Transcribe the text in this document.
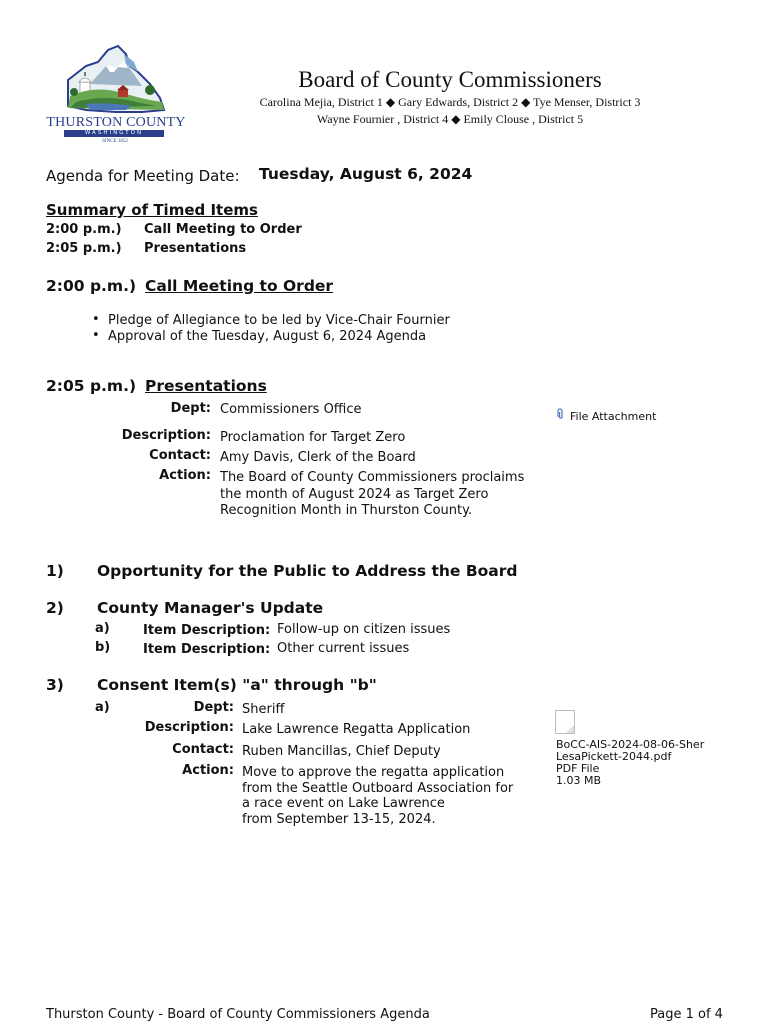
THURSTON COUNTY
WASHINGTON
SINCE 1852
Board of County Commissioners
Carolina Mejia, District 1 ◆ Gary Edwards, District 2 ◆ Tye Menser, District 3
Wayne Fournier , District 4 ◆ Emily Clouse , District 5
Agenda for Meeting Date: Tuesday, August 6, 2024
Summary of Timed Items
2:00 p.m.) Call Meeting to Order
2:05 p.m.) Presentations
2:00 p.m.) Call Meeting to Order
• Pledge of Allegiance to be led by Vice-Chair Fournier
• Approval of the Tuesday, August 6, 2024 Agenda
2:05 p.m.) Presentations
Dept: Commissioners Office	File Attachment
Description: Proclamation for Target Zero
Contact: Amy Davis, Clerk of the Board
Action: The Board of County Commissioners proclaims
the month of August 2024 as Target Zero
Recognition Month in Thurston County.
1) Opportunity for the Public to Address the Board
2) County Manager's Update
a)	Item Description: Follow-up on citizen issues
b)	Item Description: Other current issues
3) Consent Item(s) "a" through "b"
a)	Dept: Sheriff
Description: Lake Lawrence Regatta Application
Contact: Ruben Mancillas, Chief Deputy
Action: Move to approve the regatta application
from the Seattle Outboard Association for
a race event on Lake Lawrence
from September 13-15, 2024.
BoCC-AIS-2024-08-06-Sher
LesaPickett-2044.pdf
PDF File
1.03 MB
Thurston County - Board of County Commissioners Agenda	Page 1 of 4
